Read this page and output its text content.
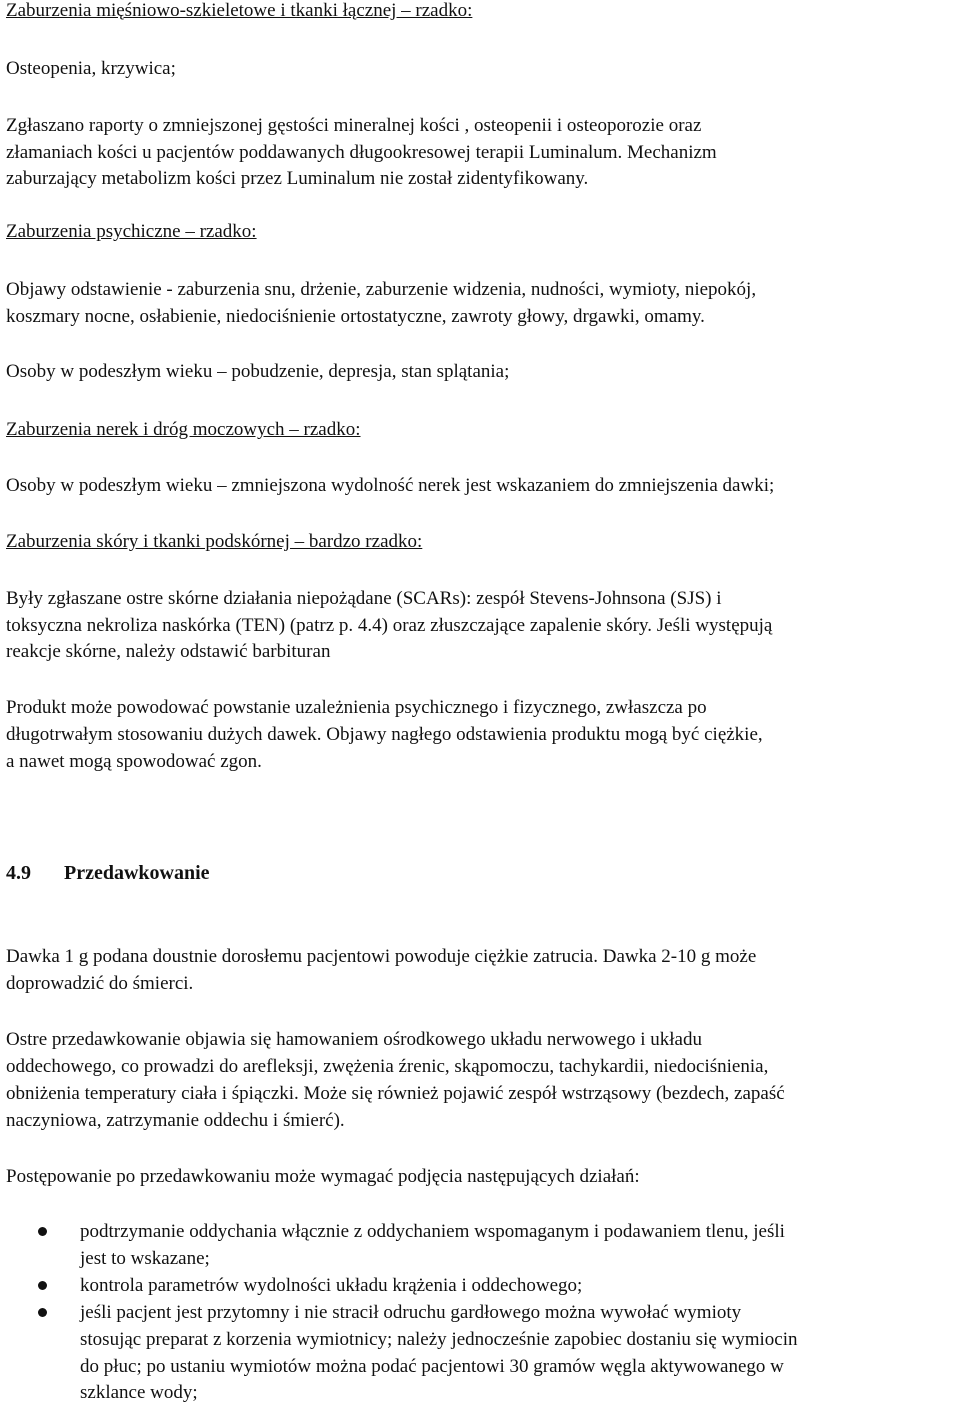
Zaburzenia mięśniowo-szkieletowe i tkanki łącznej – rzadko:
Osteopenia, krzywica;
Zgłaszano raporty o zmniejszonej gęstości mineralnej kości , osteopenii i osteoporozie oraz
złamaniach kości u pacjentów poddawanych długookresowej terapii Luminalum. Mechanizm
zaburzający metabolizm kości przez Luminalum nie został zidentyfikowany.
Zaburzenia psychiczne – rzadko:
Objawy odstawienie - zaburzenia snu, drżenie, zaburzenie widzenia, nudności, wymioty, niepokój,
koszmary nocne, osłabienie, niedociśnienie ortostatyczne, zawroty głowy, drgawki, omamy.
Osoby w podeszłym wieku – pobudzenie, depresja, stan splątania;
Zaburzenia nerek i dróg moczowych – rzadko:
Osoby w podeszłym wieku – zmniejszona wydolność nerek jest wskazaniem do zmniejszenia dawki;
Zaburzenia skóry i tkanki podskórnej – bardzo rzadko:
Były zgłaszane ostre skórne działania niepożądane (SCARs): zespół Stevens-Johnsona (SJS) i
toksyczna nekroliza naskórka (TEN) (patrz p. 4.4) oraz złuszczające zapalenie skóry. Jeśli występują
reakcje skórne, należy odstawić barbituran
Produkt może powodować powstanie uzależnienia psychicznego i fizycznego, zwłaszcza po
długotrwałym stosowaniu dużych dawek. Objawy nagłego odstawienia produktu mogą być ciężkie,
a nawet mogą spowodować zgon.
4.9 Przedawkowanie
Dawka 1 g podana doustnie dorosłemu pacjentowi powoduje ciężkie zatrucia. Dawka 2-10 g może
doprowadzić do śmierci.
Ostre przedawkowanie objawia się hamowaniem ośrodkowego układu nerwowego i układu
oddechowego, co prowadzi do arefleksji, zwężenia źrenic, skąpomoczu, tachykardii, niedociśnienia,
obniżenia temperatury ciała i śpiączki. Może się również pojawić zespół wstrząsowy (bezdech, zapaść
naczyniowa, zatrzymanie oddechu i śmierć).
Postępowanie po przedawkowaniu może wymagać podjęcia następujących działań:
podtrzymanie oddychania włącznie z oddychaniem wspomaganym i podawaniem tlenu, jeśli
jest to wskazane;
kontrola parametrów wydolności układu krążenia i oddechowego;
jeśli pacjent jest przytomny i nie stracił odruchu gardłowego można wywołać wymioty
stosując preparat z korzenia wymiotnicy; należy jednocześnie zapobiec dostaniu się wymiocin
do płuc; po ustaniu wymiotów można podać pacjentowi 30 gramów węgla aktywowanego w
szklance wody;
